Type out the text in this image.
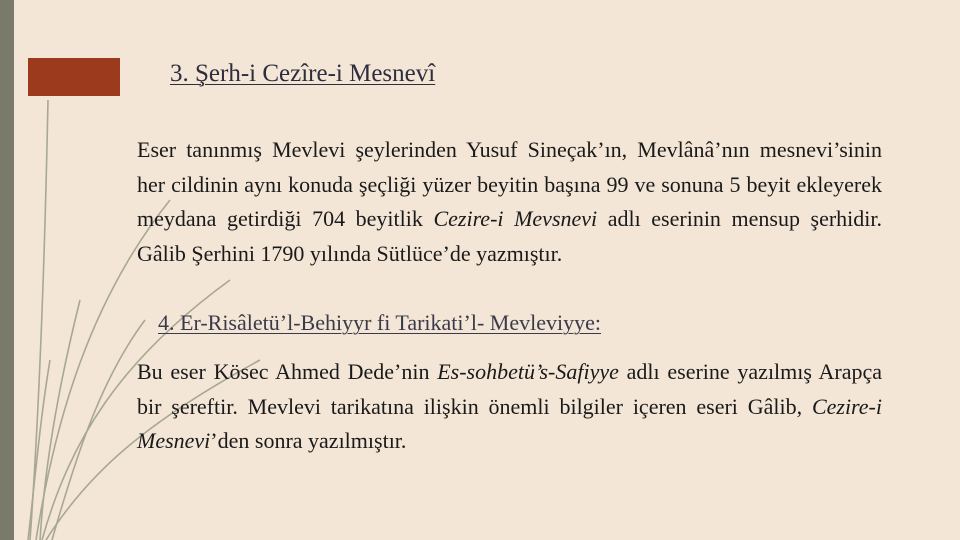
3. Şerh-i Cezîre-i Mesnevî
Eser tanınmış Mevlevi şeylerinden Yusuf Sineçak’ın, Mevlânâ’nın mesnevi’sinin her cildinin aynı konuda şeçliği yüzer beyitin başına 99 ve sonuna 5 beyit ekleyerek meydana getirdiği 704 beyitlik Cezire-i Mevsnevi adlı eserinin mensup şerhidir. Gâlib Şerhini 1790 yılında Sütlüce’de yazmıştır.
4. Er-Risâletü’l-Behiyyr fi Tarikati’l- Mevleviyye:
Bu eser Kösec Ahmed Dede’nin Es-sohbetü’s-Safiyye adlı eserine yazılmış Arapça bir şereftir. Mevlevi tarikatına ilişkin önemli bilgiler içeren eseri Gâlib, Cezire-i Mesnevi’den sonra yazılmıştır.
